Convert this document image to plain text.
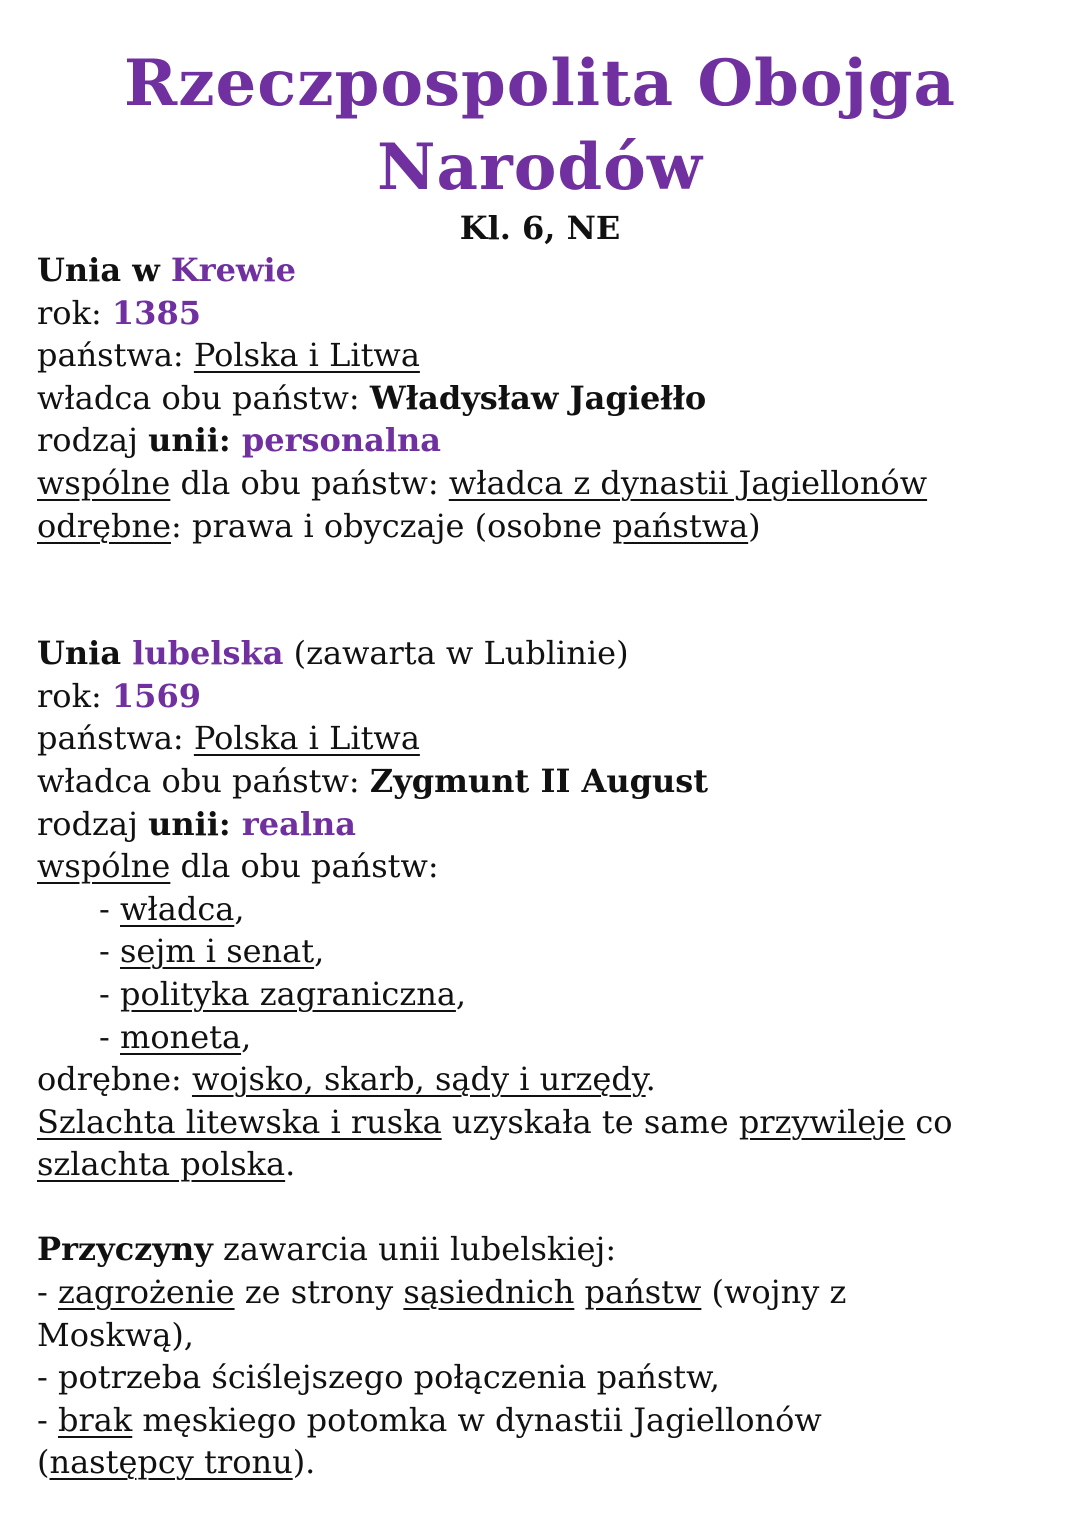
Rzeczpospolita Obojga
Narodów
Kl. 6, NE
Unia w Krewie
rok: 1385
państwa: Polska i Litwa
władca obu państw: Władysław Jagiełło
rodzaj unii: personalna
wspólne dla obu państw: władca z dynastii Jagiellonów
odrębne: prawa i obyczaje (osobne państwa)
Unia lubelska (zawarta w Lublinie)
rok: 1569
państwa: Polska i Litwa
władca obu państw: Zygmunt II August
rodzaj unii: realna
wspólne dla obu państw:
- władca,
- sejm i senat,
- polityka zagraniczna,
- moneta,
odrębne: wojsko, skarb, sądy i urzędy.
Szlachta litewska i ruska uzyskała te same przywileje co
szlachta polska.
Przyczyny zawarcia unii lubelskiej:
- zagrożenie ze strony sąsiednich państw (wojny z
Moskwą),
- potrzeba ściślejszego połączenia państw,
- brak męskiego potomka w dynastii Jagiellonów
(następcy tronu).
